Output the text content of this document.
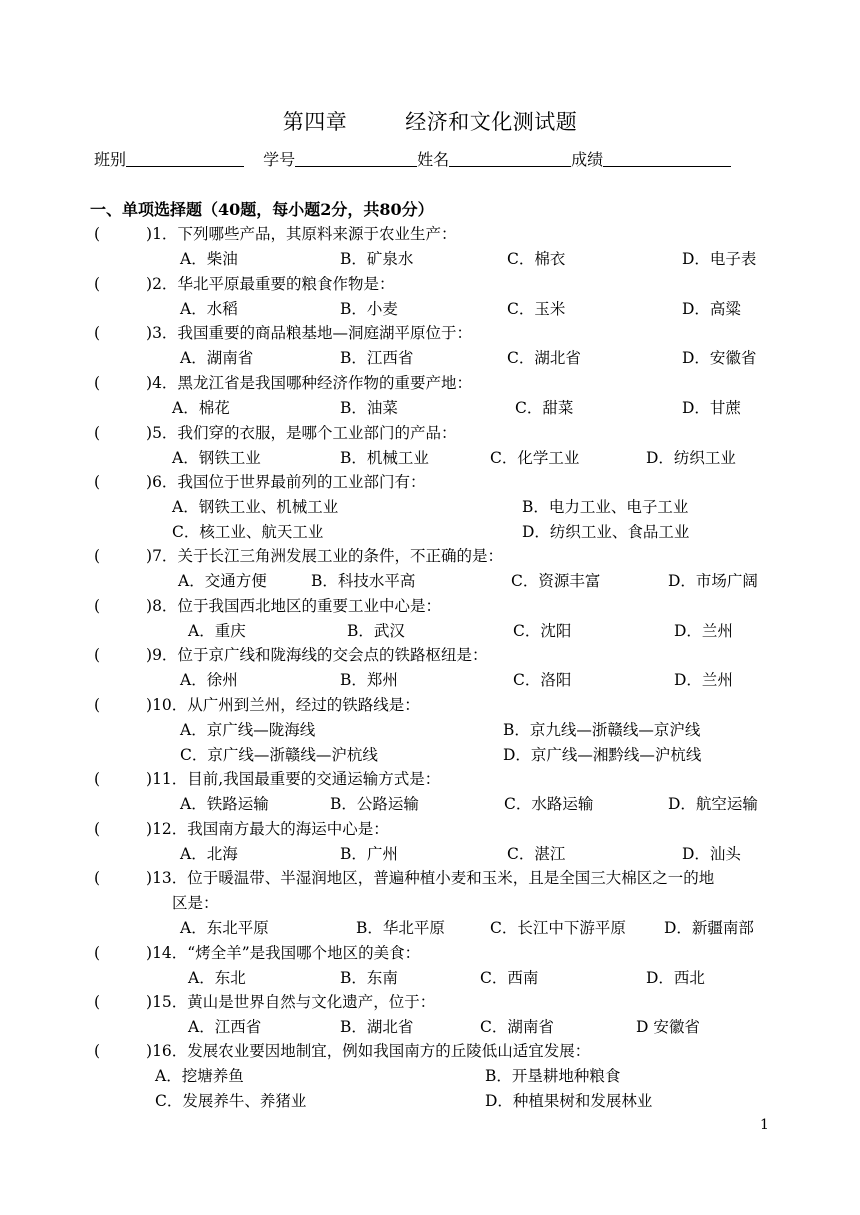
第四章	经济和文化测试题
班别	学号	姓名	成绩
一、单项选择题（40题，每小题2分，共80分）
(	)1．下列哪些产品，其原料来源于农业生产：
A．柴油	B．矿泉水	C．棉衣	D．电子表
(	)2．华北平原最重要的粮食作物是：
A．水稻	B．小麦	C．玉米	D．高粱
(	)3．我国重要的商品粮基地—洞庭湖平原位于：
A．湖南省	B．江西省	C．湖北省	D．安徽省
(	)4．黑龙江省是我国哪种经济作物的重要产地：
A．棉花	B．油菜	C．甜菜	D．甘蔗
(	)5．我们穿的衣服，是哪个工业部门的产品：
A．钢铁工业	B．机械工业	C．化学工业	D．纺织工业
(	)6．我国位于世界最前列的工业部门有：
A．钢铁工业、机械工业	B．电力工业、电子工业
C．核工业、航天工业	D．纺织工业、食品工业
(	)7．关于长江三角洲发展工业的条件，不正确的是：
A．交通方便	B．科技水平高	C．资源丰富	D．市场广阔
(	)8．位于我国西北地区的重要工业中心是：
A．重庆	B．武汉	C．沈阳	D．兰州
(	)9．位于京广线和陇海线的交会点的铁路枢纽是：
A．徐州	B．郑州	C．洛阳	D．兰州
(	)10．从广州到兰州，经过的铁路线是：
A．京广线—陇海线	B．京九线—浙赣线—京沪线
C．京广线—浙赣线—沪杭线	D．京广线—湘黔线—沪杭线
(	)11．目前,我国最重要的交通运输方式是：
A．铁路运输	B．公路运输	C．水路运输	D．航空运输
(	)12．我国南方最大的海运中心是：
A．北海	B．广州	C．湛江	D．汕头
(	)13．位于暖温带、半湿润地区，普遍种植小麦和玉米，且是全国三大棉区之一的地
区是：
A．东北平原	B．华北平原	C．长江中下游平原 D．新疆南部
(	)14．“烤全羊”是我国哪个地区的美食：
A．东北	B．东南	C．西南	D．西北
(	)15．黄山是世界自然与文化遗产，位于：
A．江西省	B．湖北省	C．湖南省	D 安徽省
(	)16．发展农业要因地制宜，例如我国南方的丘陵低山适宜发展：
A．挖塘养鱼	B．开垦耕地种粮食
C．发展养牛、养猪业	D．种植果树和发展林业
1
